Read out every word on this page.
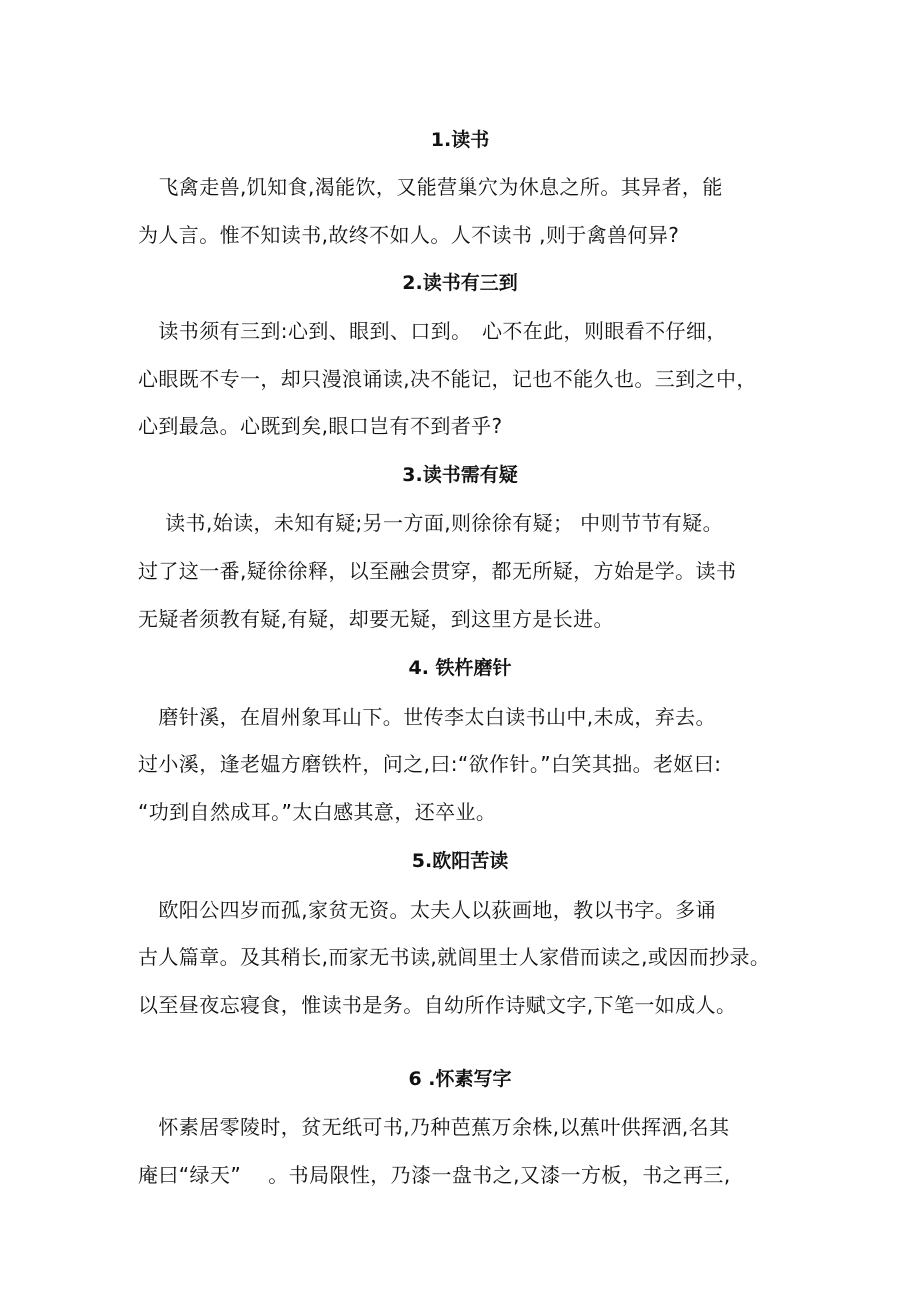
1.读书
　飞禽走兽,饥知食,渴能饮，又能营巢穴为休息之所。其异者，能
为人言。惟不知读书,故终不如人。人不读书 ,则于禽兽何异?
2.读书有三到
　读书须有三到:心到、眼到、口到。　心不在此，则眼看不仔细，
心眼既不专一，却只漫浪诵读,决不能记，记也不能久也。三到之中，
心到最急。心既到矣,眼口岂有不到者乎?
3.读书需有疑
　 读书,始读，未知有疑;另一方面,则徐徐有疑； 中则节节有疑。
过了这一番,疑徐徐释，以至融会贯穿，都无所疑，方始是学。读书
无疑者须教有疑,有疑，却要无疑，到这里方是长进。
4. 铁杵磨针
　磨针溪，在眉州象耳山下。世传李太白读书山中,未成，弃去。
过小溪，逢老媪方磨铁杵，问之,曰:“欲作针。”白笑其拙。老妪曰:
“功到自然成耳。”太白感其意，还卒业。
5.欧阳苦读
　欧阳公四岁而孤,家贫无资。太夫人以荻画地，教以书字。多诵
古人篇章。及其稍长,而家无书读,就闾里士人家借而读之,或因而抄录。
以至昼夜忘寝食，惟读书是务。自幼所作诗赋文字,下笔一如成人。
6 .怀素写字
　怀素居零陵时，贫无纸可书,乃种芭蕉万余株,以蕉叶供挥洒,名其
庵曰“绿天”　 。书局限性，乃漆一盘书之,又漆一方板，书之再三,
